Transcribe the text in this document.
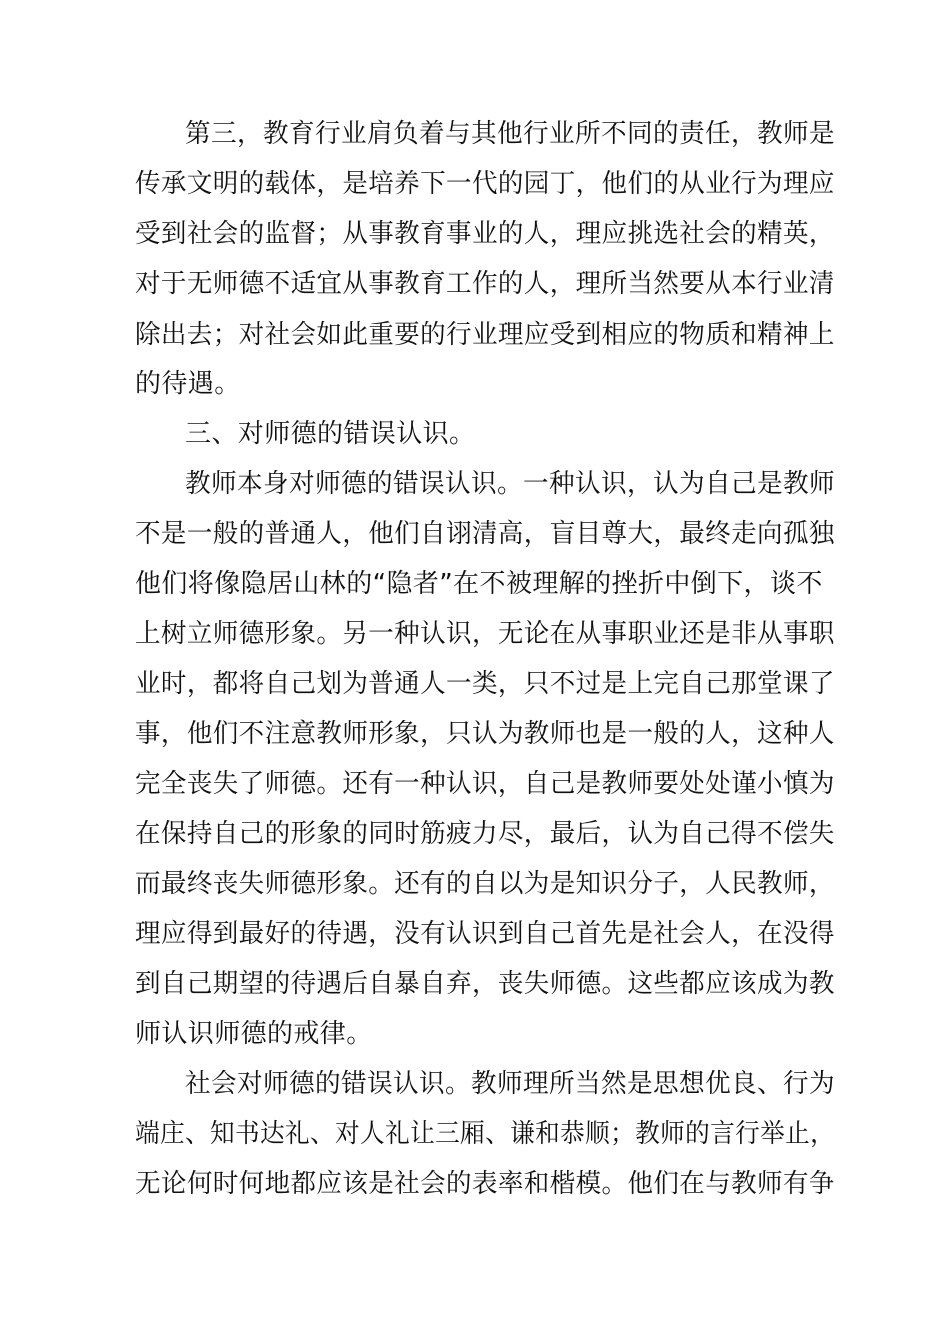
第三，教育行业肩负着与其他行业所不同的责任，教师是
传承文明的载体，是培养下一代的园丁，他们的从业行为理应
受到社会的监督；从事教育事业的人，理应挑选社会的精英，
对于无师德不适宜从事教育工作的人，理所当然要从本行业清
除出去；对社会如此重要的行业理应受到相应的物质和精神上
的待遇。
三、对师德的错误认识。
教师本身对师德的错误认识。一种认识，认为自己是教师
不是一般的普通人，他们自诩清高，盲目尊大，最终走向孤独
他们将像隐居山林的“隐者”在不被理解的挫折中倒下，谈不
上树立师德形象。另一种认识，无论在从事职业还是非从事职
业时，都将自己划为普通人一类，只不过是上完自己那堂课了
事，他们不注意教师形象，只认为教师也是一般的人，这种人
完全丧失了师德。还有一种认识，自己是教师要处处谨小慎为
在保持自己的形象的同时筋疲力尽，最后，认为自己得不偿失
而最终丧失师德形象。还有的自以为是知识分子，人民教师，
理应得到最好的待遇，没有认识到自己首先是社会人，在没得
到自己期望的待遇后自暴自弃，丧失师德。这些都应该成为教
师认识师德的戒律。
社会对师德的错误认识。教师理所当然是思想优良、行为
端庄、知书达礼、对人礼让三厢、谦和恭顺；教师的言行举止，
无论何时何地都应该是社会的表率和楷模。他们在与教师有争
